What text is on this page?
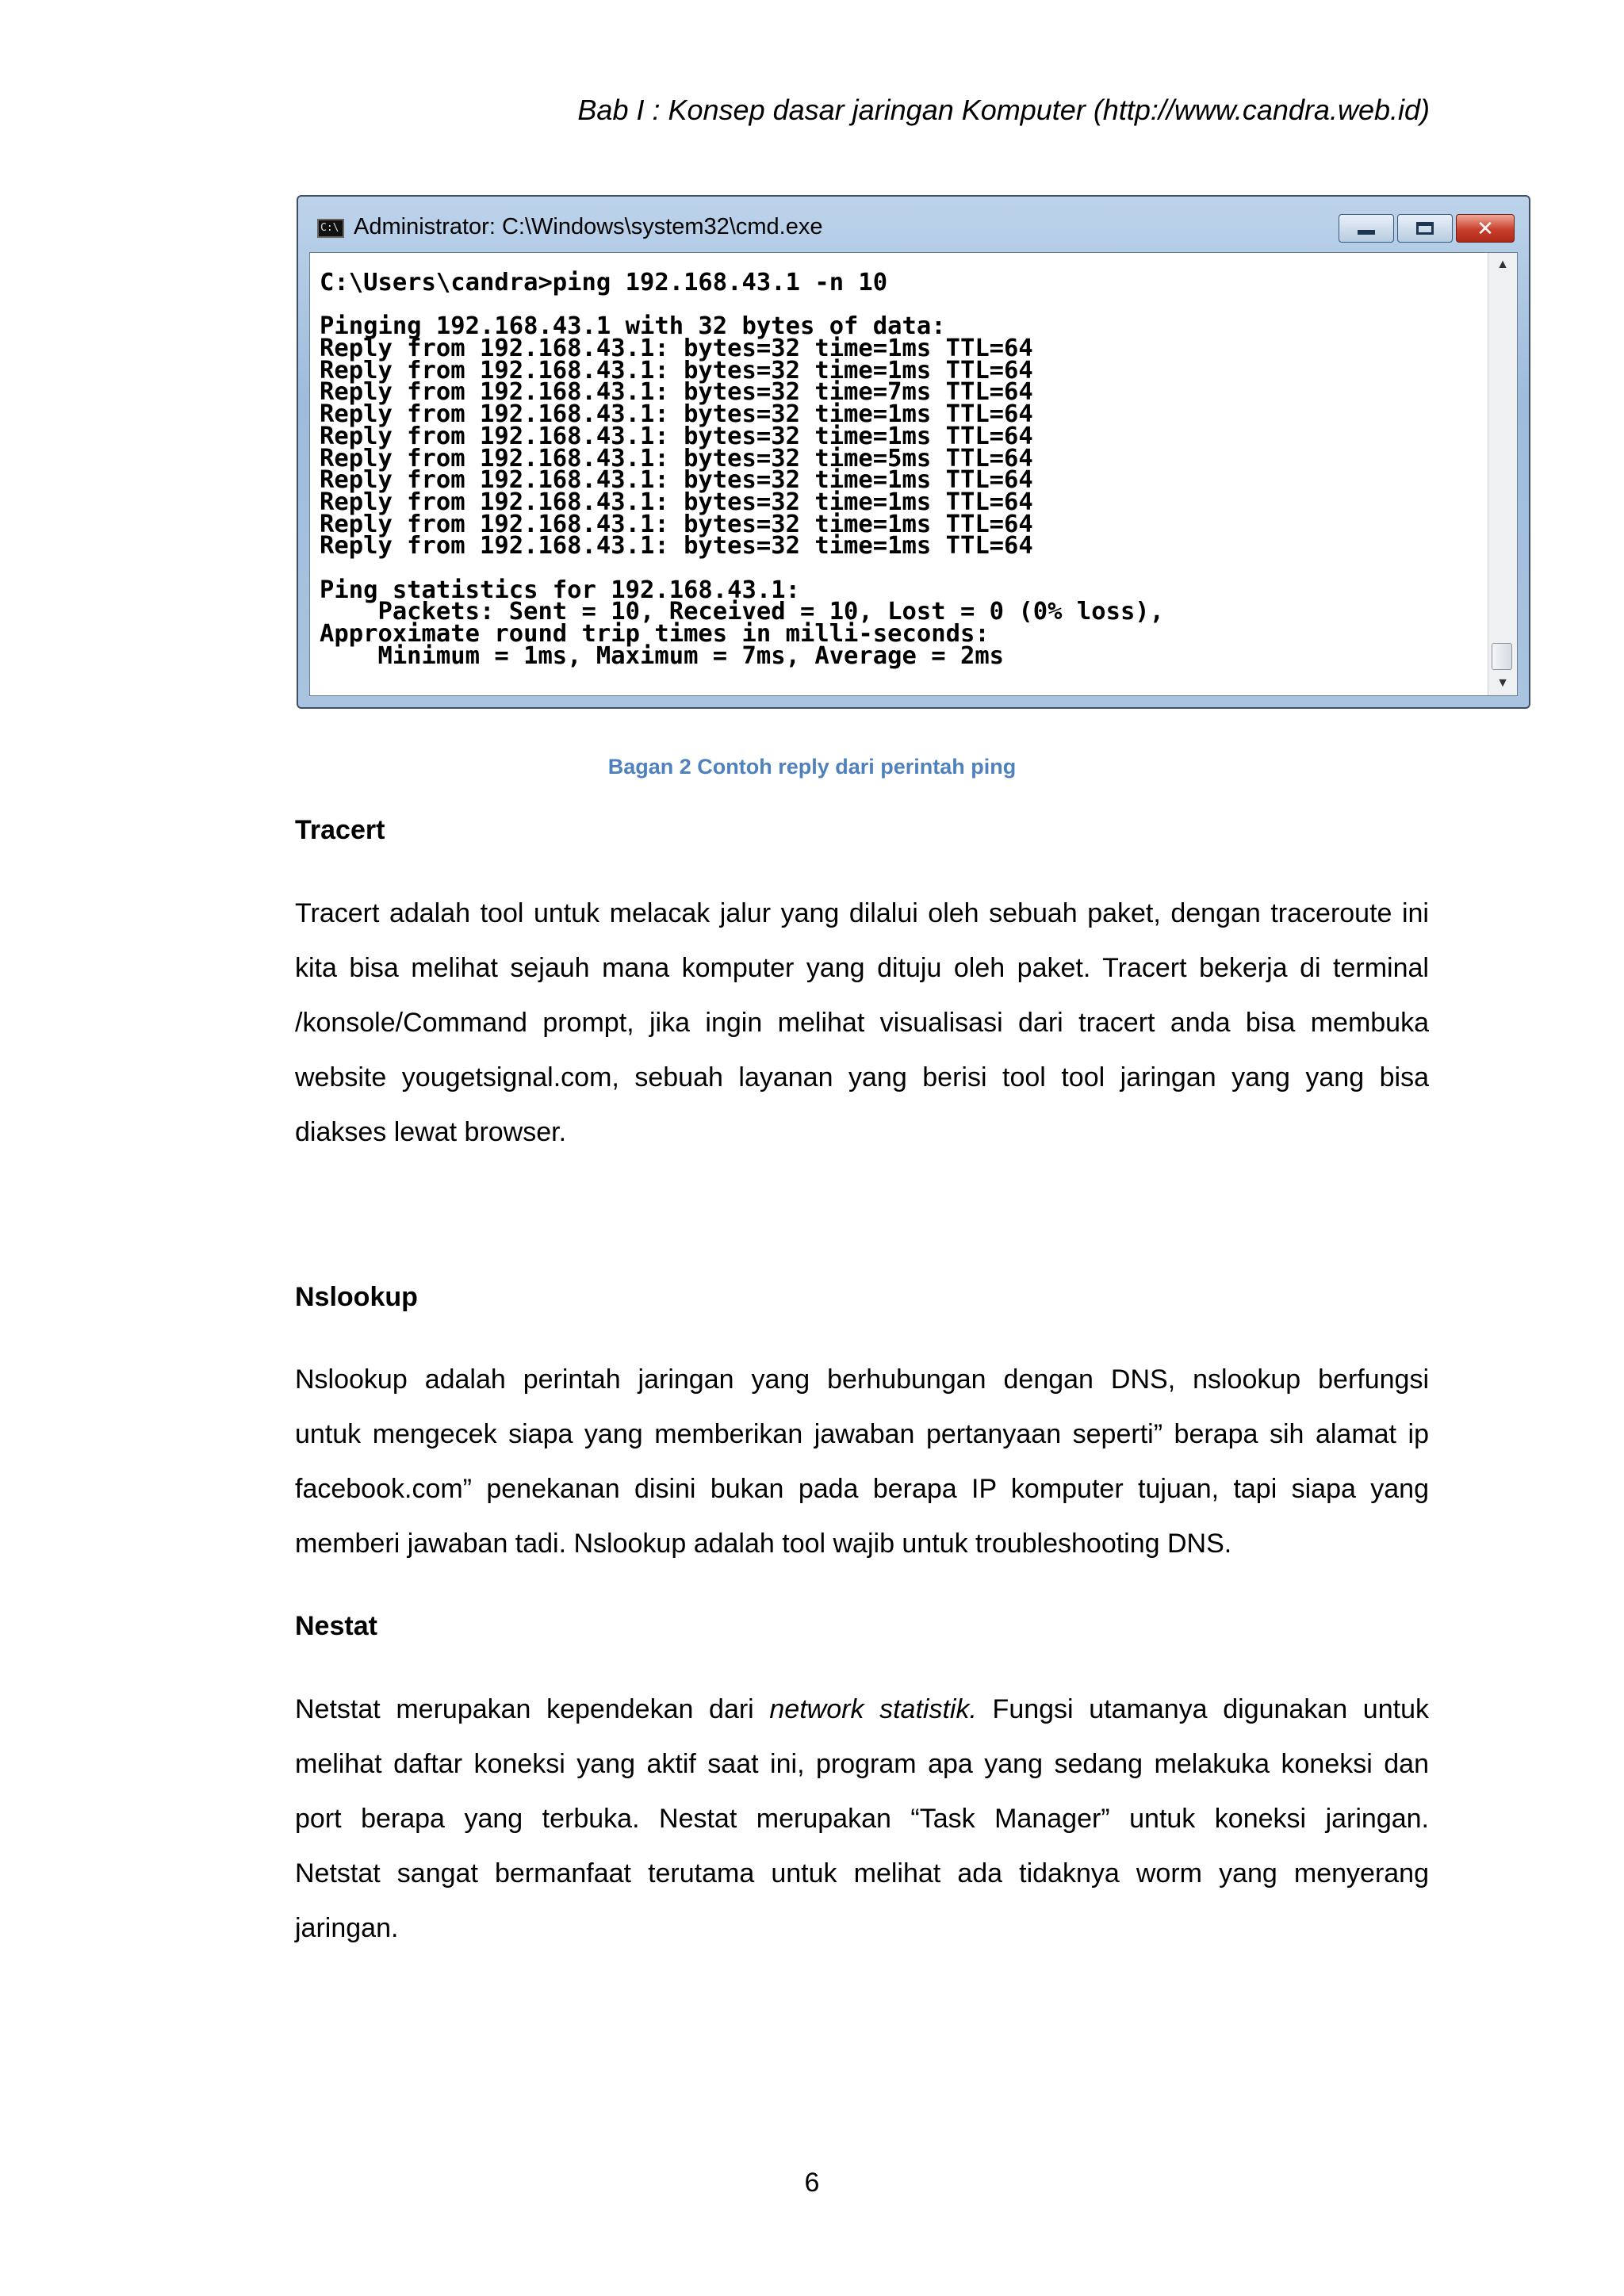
Bab I : Konsep dasar jaringan Komputer (http://www.candra.web.id)
C:\ Administrator: C:\Windows\system32\cmd.exe	✕
C:\Users\candra>ping 192.168.43.1 -n 10
Pinging 192.168.43.1 with 32 bytes of data:
Reply from 192.168.43.1: bytes=32 time=1ms TTL=64
Reply from 192.168.43.1: bytes=32 time=1ms TTL=64
Reply from 192.168.43.1: bytes=32 time=7ms TTL=64
Reply from 192.168.43.1: bytes=32 time=1ms TTL=64
Reply from 192.168.43.1: bytes=32 time=1ms TTL=64
Reply from 192.168.43.1: bytes=32 time=5ms TTL=64
Reply from 192.168.43.1: bytes=32 time=1ms TTL=64
Reply from 192.168.43.1: bytes=32 time=1ms TTL=64
Reply from 192.168.43.1: bytes=32 time=1ms TTL=64
Reply from 192.168.43.1: bytes=32 time=1ms TTL=64
Ping statistics for 192.168.43.1:
Packets: Sent = 10, Received = 10, Lost = 0 (0% loss),
Approximate round trip times in milli-seconds:
Minimum = 1ms, Maximum = 7ms, Average = 2ms
▲
▼
Bagan 2 Contoh reply dari perintah ping
Tracert
Tracert adalah tool untuk melacak jalur yang dilalui oleh sebuah paket, dengan traceroute ini
kita bisa melihat sejauh mana komputer yang dituju oleh paket. Tracert bekerja di terminal
/konsole/Command prompt, jika ingin melihat visualisasi dari tracert anda bisa membuka
website yougetsignal.com, sebuah layanan yang berisi tool tool jaringan yang yang bisa
diakses lewat browser.
Nslookup
Nslookup adalah perintah jaringan yang berhubungan dengan DNS, nslookup berfungsi
untuk mengecek siapa yang memberikan jawaban pertanyaan seperti” berapa sih alamat ip
facebook.com” penekanan disini bukan pada berapa IP komputer tujuan, tapi siapa yang
memberi jawaban tadi. Nslookup adalah tool wajib untuk troubleshooting DNS.
Nestat
Netstat merupakan kependekan dari network statistik. Fungsi utamanya digunakan untuk
melihat daftar koneksi yang aktif saat ini, program apa yang sedang melakuka koneksi dan
port berapa yang terbuka. Nestat merupakan “Task Manager” untuk koneksi jaringan.
Netstat sangat bermanfaat terutama untuk melihat ada tidaknya worm yang menyerang
jaringan.
6
